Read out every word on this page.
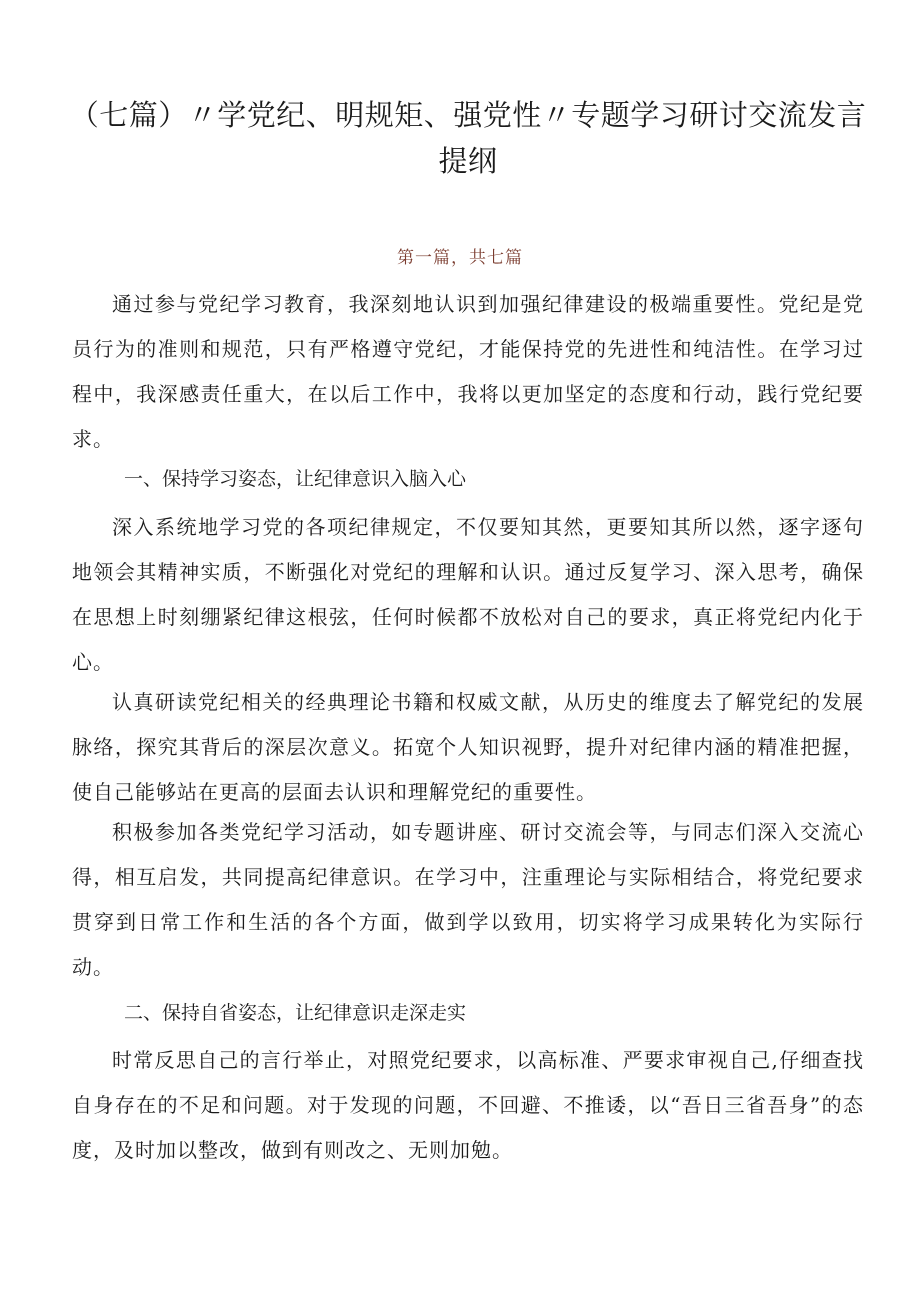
（七篇）〃学党纪、明规矩、强党性〃专题学习研讨交流发言提纲
第一篇，共七篇

通过参与党纪学习教育，我深刻地认识到加强纪律建设的极端重要性。党纪是党员行为的准则和规范，只有严格遵守党纪，才能保持党的先进性和纯洁性。在学习过程中，我深感责任重大，在以后工作中，我将以更加坚定的态度和行动，践行党纪要求。

一、保持学习姿态，让纪律意识入脑入心

深入系统地学习党的各项纪律规定，不仅要知其然，更要知其所以然，逐字逐句地领会其精神实质，不断强化对党纪的理解和认识。通过反复学习、深入思考，确保在思想上时刻绷紧纪律这根弦，任何时候都不放松对自己的要求，真正将党纪内化于心。

认真研读党纪相关的经典理论书籍和权威文献，从历史的维度去了解党纪的发展脉络，探究其背后的深层次意义。拓宽个人知识视野，提升对纪律内涵的精准把握，使自己能够站在更高的层面去认识和理解党纪的重要性。

积极参加各类党纪学习活动，如专题讲座、研讨交流会等，与同志们深入交流心得，相互启发，共同提高纪律意识。在学习中，注重理论与实际相结合，将党纪要求贯穿到日常工作和生活的各个方面，做到学以致用，切实将学习成果转化为实际行动。

二、保持自省姿态，让纪律意识走深走实

时常反思自己的言行举止，对照党纪要求，以高标准、严要求审视自己,仔细查找自身存在的不足和问题。对于发现的问题，不回避、不推诿，以“吾日三省吾身”的态度，及时加以整改，做到有则改之、无则加勉。
